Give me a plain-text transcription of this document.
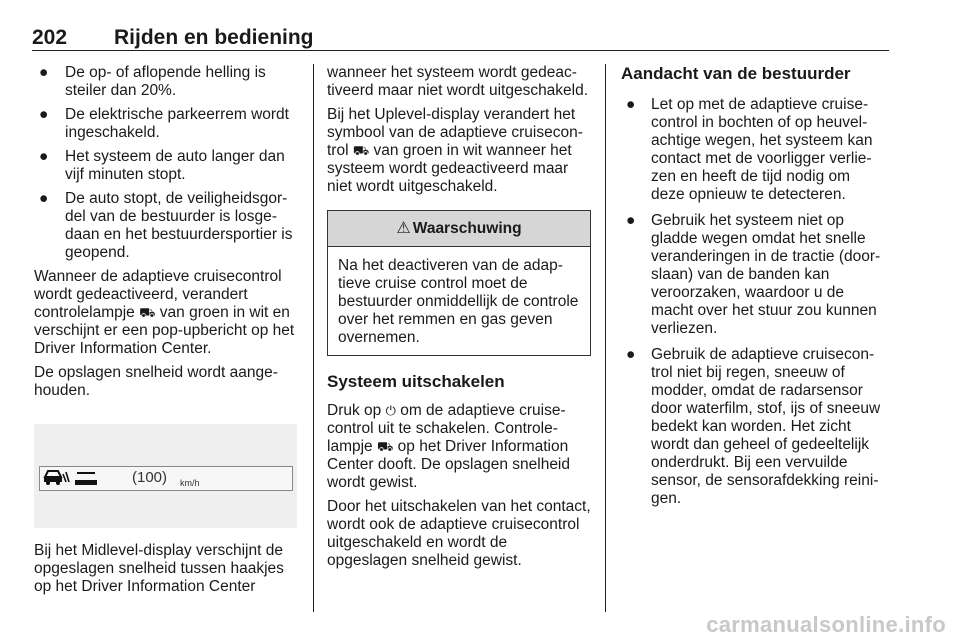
202 Rijden en bediening
● De op- of aflopende helling is steiler dan 20%.
● De elektrische parkeerrem wordt ingeschakeld.
● Het systeem de auto langer dan vijf minuten stopt.
● De auto stopt, de veiligheidsgordel van de bestuurder is losgedaan en het bestuurdersportier is geopend.

Wanneer de adaptieve cruisecontrol wordt gedeactiveerd, verandert controlelampje ⛟ van groen in wit en verschijnt er een pop-upbericht op het Driver Information Center.

De opslagen snelheid wordt aangehouden.

(100) km/h

Bij het Midlevel-display verschijnt de opgeslagen snelheid tussen haakjes op het Driver Information Center

wanneer het systeem wordt gedeactiveerd maar niet wordt uitgeschakeld.

Bij het Uplevel-display verandert het symbool van de adaptieve cruisecontrol ⛟ van groen in wit wanneer het systeem wordt gedeactiveerd maar niet wordt uitgeschakeld.

⚠ Waarschuwing
Na het deactiveren van de adaptieve cruise control moet de bestuurder onmiddellijk de controle over het remmen en gas geven overnemen.
Systeem uitschakelen

Druk op ⏻ om de adaptieve cruisecontrol uit te schakelen. Controlelampje ⛟ op het Driver Information Center dooft. De opslagen snelheid wordt gewist.

Door het uitschakelen van het contact, wordt ook de adaptieve cruisecontrol uitgeschakeld en wordt de opgeslagen snelheid gewist.

Aandacht van de bestuurder
● Let op met de adaptieve cruisecontrol in bochten of op heuvelachtige wegen, het systeem kan contact met de voorligger verliezen en heeft de tijd nodig om deze opnieuw te detecteren.
● Gebruik het systeem niet op gladde wegen omdat het snelle veranderingen in de tractie (doorslaan) van de banden kan veroorzaken, waardoor u de macht over het stuur zou kunnen verliezen.
● Gebruik de adaptieve cruisecontrol niet bij regen, sneeuw of modder, omdat de radarsensor door waterfilm, stof, ijs of sneeuw bedekt kan worden. Het zicht wordt dan geheel of gedeeltelijk onderdrukt. Bij een vervuilde sensor, de sensorafdekking reinigen.
carmanualsonline.info
